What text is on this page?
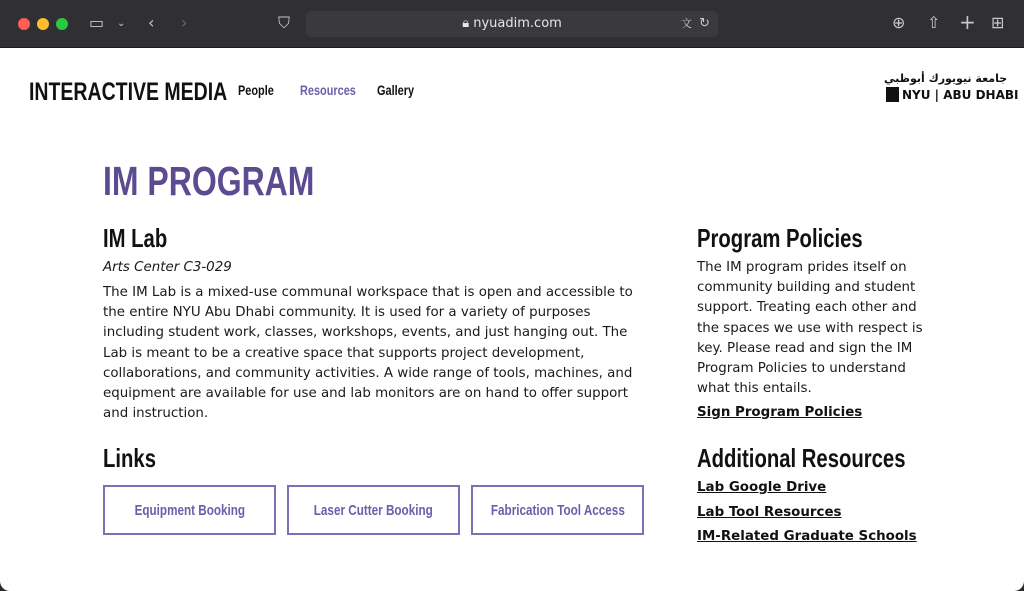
▭ ⌄ ‹ ›	⛉	🔒︎ nyuadim.com	↻
文	⊕ ⇧ + ⊞
INTERACTIVE MEDIA People Resources Gallery
جامعة نيويورك أبوظبي
NYU | ABU DHABI
IM PROGRAM
IM Lab
Arts Center C3-029
The IM Lab is a mixed-use communal workspace that is open and accessible to the entire NYU Abu Dhabi community. It is used for a variety of purposes including student work, classes, workshops, events, and just hanging out. The Lab is meant to be a creative space that supports project development, collaborations, and community activities. A wide range of tools, machines, and equipment are available for use and lab monitors are on hand to offer support and instruction.
Links
Equipment Booking	Laser Cutter Booking	Fabrication Tool Access
Program Policies
The IM program prides itself on community building and student support. Treating each other and the spaces we use with respect is key. Please read and sign the IM Program Policies to understand what this entails.
Sign Program Policies
Additional Resources
Lab Google Drive
Lab Tool Resources
IM-Related Graduate Schools
